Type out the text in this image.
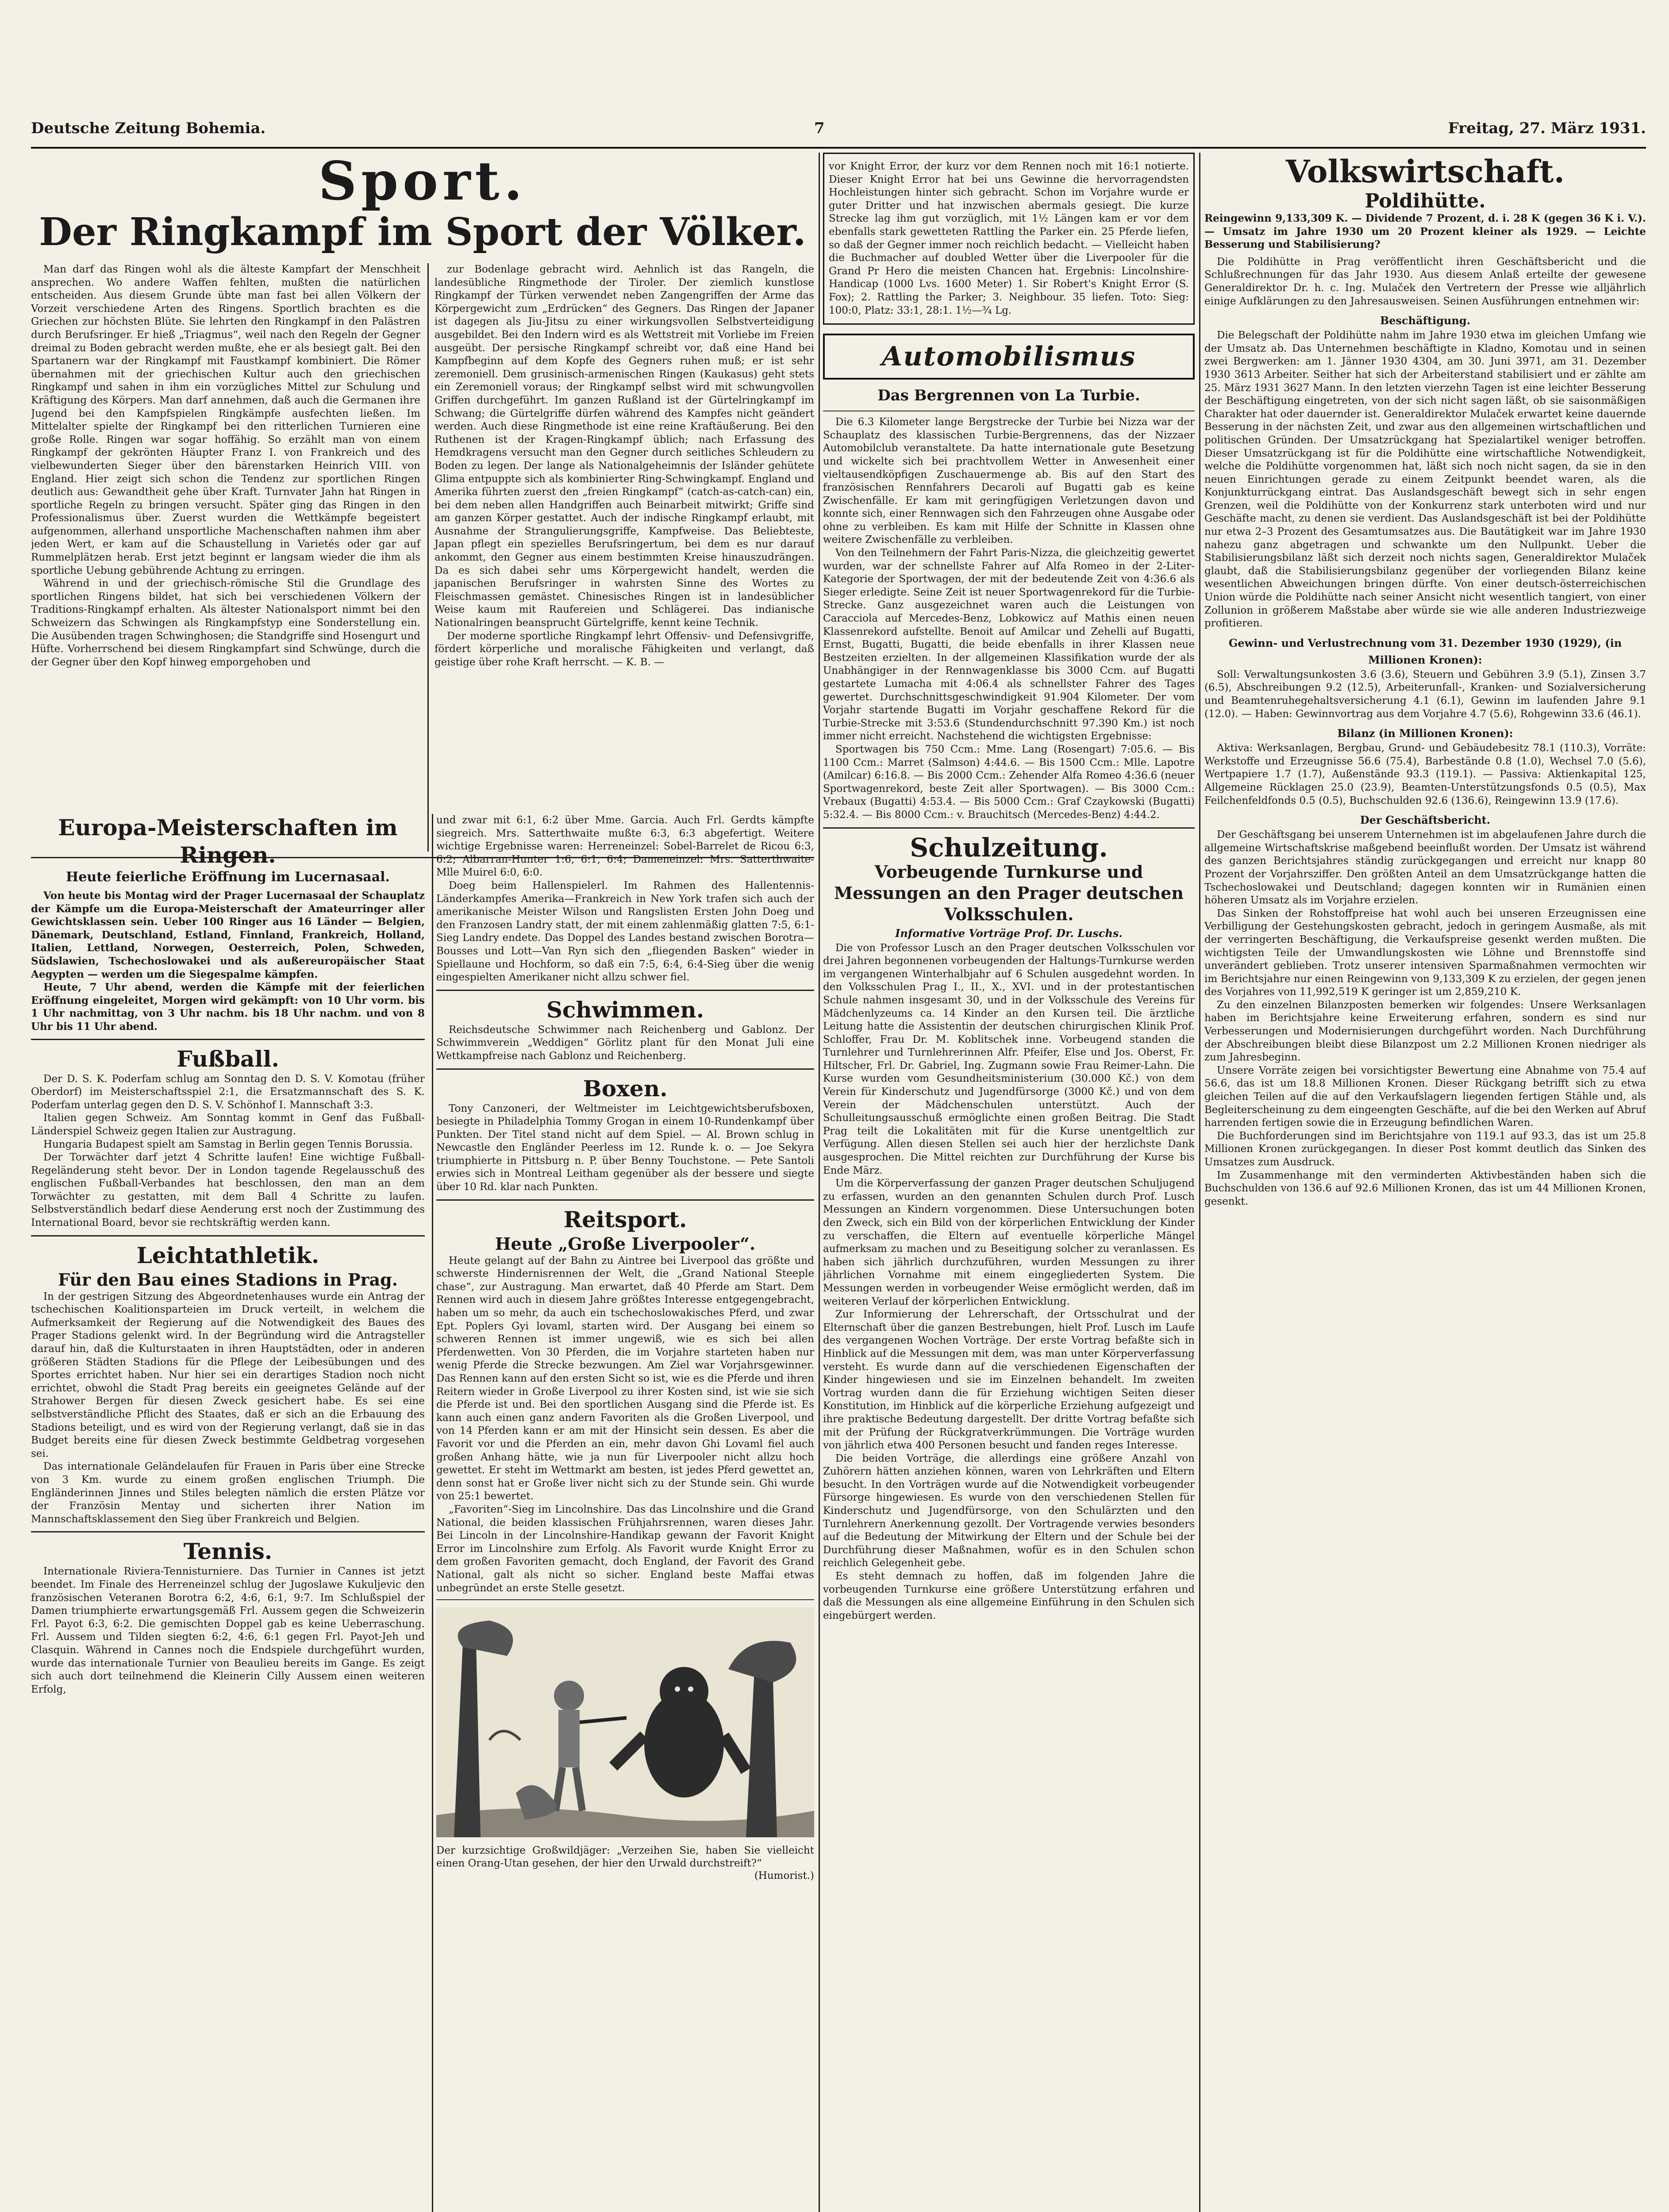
Deutsche Zeitung Bohemia.	7	Freitag, 27. März 1931.
Sport.
Der Ringkampf im Sport der Völker.

Man darf das Ringen wohl als die älteste Kampfart der Menschheit ansprechen. Wo andere Waffen fehlten, mußten die natürlichen entscheiden. Aus diesem Grunde übte man fast bei allen Völkern der Vorzeit verschiedene Arten des Ringens. Sportlich brachten es die Griechen zur höchsten Blüte. Sie lehrten den Ringkampf in den Palästren durch Berufsringer. Er hieß „Triagmus“, weil nach den Regeln der Gegner dreimal zu Boden gebracht werden mußte, ehe er als besiegt galt. Bei den Spartanern war der Ringkampf mit Faustkampf kombiniert. Die Römer übernahmen mit der griechischen Kultur auch den griechischen Ringkampf und sahen in ihm ein vorzügliches Mittel zur Schulung und Kräftigung des Körpers. Man darf annehmen, daß auch die Germanen ihre Jugend bei den Kampfspielen Ringkämpfe ausfechten ließen. Im Mittelalter spielte der Ringkampf bei den ritterlichen Turnieren eine große Rolle. Ringen war sogar hoffähig. So erzählt man von einem Ringkampf der gekrönten Häupter Franz I. von Frankreich und des vielbewunderten Sieger über den bärenstarken Heinrich VIII. von England. Hier zeigt sich schon die Tendenz zur sportlichen Ringen deutlich aus: Gewandtheit gehe über Kraft. Turnvater Jahn hat Ringen in sportliche Regeln zu bringen versucht. Später ging das Ringen in den Professionalismus über. Zuerst wurden die Wettkämpfe begeistert aufgenommen, allerhand unsportliche Machenschaften nahmen ihm aber jeden Wert, er kam auf die Schaustellung in Varietés oder gar auf Rummelplätzen herab. Erst jetzt beginnt er langsam wieder die ihm als sportliche Uebung gebührende Achtung zu erringen.

Während in und der griechisch-römische Stil die Grundlage des sportlichen Ringens bildet, hat sich bei verschiedenen Völkern der Traditions-Ringkampf erhalten. Als ältester Nationalsport nimmt bei den Schweizern das Schwingen als Ringkampfstyp eine Sonderstellung ein. Die Ausübenden tragen Schwinghosen; die Standgriffe sind Hosengurt und Hüfte. Vorherrschend bei diesem Ringkampfart sind Schwünge, durch die der Gegner über den Kopf hinweg emporgehoben und

zur Bodenlage gebracht wird. Aehnlich ist das Rangeln, die landesübliche Ringmethode der Tiroler. Der ziemlich kunstlose Ringkampf der Türken verwendet neben Zangengriffen der Arme das Körpergewicht zum „Erdrücken“ des Gegners. Das Ringen der Japaner ist dagegen als Jiu-Jitsu zu einer wirkungsvollen Selbstverteidigung ausgebildet. Bei den Indern wird es als Wettstreit mit Vorliebe im Freien ausgeübt. Der persische Ringkampf schreibt vor, daß eine Hand bei Kampfbeginn auf dem Kopfe des Gegners ruhen muß; er ist sehr zeremoniell. Dem grusinisch-armenischen Ringen (Kaukasus) geht stets ein Zeremoniell voraus; der Ringkampf selbst wird mit schwungvollen Griffen durchgeführt. Im ganzen Rußland ist der Gürtelringkampf im Schwang; die Gürtelgriffe dürfen während des Kampfes nicht geändert werden. Auch diese Ringmethode ist eine reine Kraftäußerung. Bei den Ruthenen ist der Kragen-Ringkampf üblich; nach Erfassung des Hemdkragens versucht man den Gegner durch seitliches Schleudern zu Boden zu legen. Der lange als Nationalgeheimnis der Isländer gehütete Glima entpuppte sich als kombinierter Ring-Schwingkampf. England und Amerika führten zuerst den „freien Ringkampf“ (catch-as-catch-can) ein, bei dem neben allen Handgriffen auch Beinarbeit mitwirkt; Griffe sind am ganzen Körper gestattet. Auch der indische Ringkampf erlaubt, mit Ausnahme der Strangulierungsgriffe, Kampfweise. Das Beliebteste, Japan pflegt ein spezielles Berufsringertum, bei dem es nur darauf ankommt, den Gegner aus einem bestimmten Kreise hinauszudrängen. Da es sich dabei sehr ums Körpergewicht handelt, werden die japanischen Berufsringer in wahrsten Sinne des Wortes zu Fleischmassen gemästet. Chinesisches Ringen ist in landesüblicher Weise kaum mit Raufereien und Schlägerei. Das indianische Nationalringen beansprucht Gürtelgriffe, kennt keine Technik.

Der moderne sportliche Ringkampf lehrt Offensiv- und Defensivgriffe, fördert körperliche und moralische Fähigkeiten und verlangt, daß geistige über rohe Kraft herrscht. — K. B. —

Europa-Meisterschaften im Ringen.
Heute feierliche Eröffnung im Lucernasaal.

Von heute bis Montag wird der Prager Lucernasaal der Schauplatz der Kämpfe um die Europa-Meisterschaft der Amateurringer aller Gewichtsklassen sein. Ueber 100 Ringer aus 16 Länder — Belgien, Dänemark, Deutschland, Estland, Finnland, Frankreich, Holland, Italien, Lettland, Norwegen, Oesterreich, Polen, Schweden, Südslawien, Tschechoslowakei und als außereuropäischer Staat Aegypten — werden um die Siegespalme kämpfen.

Heute, 7 Uhr abend, werden die Kämpfe mit der feierlichen Eröffnung eingeleitet, Morgen wird gekämpft: von 10 Uhr vorm. bis 1 Uhr nachmittag, von 3 Uhr nachm. bis 18 Uhr nachm. und von 8 Uhr bis 11 Uhr abend.

Fußball.

Der D. S. K. Poderfam schlug am Sonntag den D. S. V. Komotau (früher Oberdorf) im Meisterschaftsspiel 2:1, die Ersatzmannschaft des S. K. Poderfam unterlag gegen den D. S. V. Schönhof I. Mannschaft 3:3.

Italien gegen Schweiz. Am Sonntag kommt in Genf das Fußball-Länderspiel Schweiz gegen Italien zur Austragung.

Hungaria Budapest spielt am Samstag in Berlin gegen Tennis Borussia.

Der Torwächter darf jetzt 4 Schritte laufen! Eine wichtige Fußball-Regeländerung steht bevor. Der in London tagende Regelausschuß des englischen Fußball-Verbandes hat beschlossen, den man an dem Torwächter zu gestatten, mit dem Ball 4 Schritte zu laufen. Selbstverständlich bedarf diese Aenderung erst noch der Zustimmung des International Board, bevor sie rechtskräftig werden kann.

Leichtathletik.
Für den Bau eines Stadions in Prag.

In der gestrigen Sitzung des Abgeordnetenhauses wurde ein Antrag der tschechischen Koalitionsparteien im Druck verteilt, in welchem die Aufmerksamkeit der Regierung auf die Notwendigkeit des Baues des Prager Stadions gelenkt wird. In der Begründung wird die Antragsteller darauf hin, daß die Kulturstaaten in ihren Hauptstädten, oder in anderen größeren Städten Stadions für die Pflege der Leibesübungen und des Sportes errichtet haben. Nur hier sei ein derartiges Stadion noch nicht errichtet, obwohl die Stadt Prag bereits ein geeignetes Gelände auf der Strahower Bergen für diesen Zweck gesichert habe. Es sei eine selbstverständliche Pflicht des Staates, daß er sich an die Erbauung des Stadions beteiligt, und es wird von der Regierung verlangt, daß sie in das Budget bereits eine für diesen Zweck bestimmte Geldbetrag vorgesehen sei.

Das internationale Geländelaufen für Frauen in Paris über eine Strecke von 3 Km. wurde zu einem großen englischen Triumph. Die Engländerinnen Jinnes und Stiles belegten nämlich die ersten Plätze vor der Französin Mentay und sicherten ihrer Nation im Mannschaftsklassement den Sieg über Frankreich und Belgien.

Tennis.

Internationale Riviera-Tennisturniere. Das Turnier in Cannes ist jetzt beendet. Im Finale des Herreneinzel schlug der Jugoslawe Kukuljevic den französischen Veteranen Borotra 6:2, 4:6, 6:1, 9:7. Im Schlußspiel der Damen triumphierte erwartungsgemäß Frl. Aussem gegen die Schweizerin Frl. Payot 6:3, 6:2. Die gemischten Doppel gab es keine Ueberraschung. Frl. Aussem und Tilden siegten 6:2, 4:6, 6:1 gegen Frl. Payot-Jeh und Clasquin. Während in Cannes noch die Endspiele durchgeführt wurden, wurde das internationale Turnier von Beaulieu bereits im Gange. Es zeigt sich auch dort teilnehmend die Kleinerin Cilly Aussem einen weiteren Erfolg,

und zwar mit 6:1, 6:2 über Mme. Garcia. Auch Frl. Gerdts kämpfte siegreich. Mrs. Satterthwaite mußte 6:3, 6:3 abgefertigt. Weitere wichtige Ergebnisse waren: Herreneinzel: Sobel-Barrelet de Ricou 6:3, 6:2; Albarran-Hunter 1:6, 6:1, 6:4; Dameneinzel: Mrs. Satterthwaite-Mlle Muirel 6:0, 6:0.

Doeg beim Hallenspielerl. Im Rahmen des Hallentennis-Länderkampfes Amerika—Frankreich in New York trafen sich auch der amerikanische Meister Wilson und Rangslisten Ersten John Doeg und den Franzosen Landry statt, der mit einem zahlenmäßig glatten 7:5, 6:1-Sieg Landry endete. Das Doppel des Landes bestand zwischen Borotra—Bousses und Lott—Van Ryn sich den „fliegenden Basken“ wieder in Spiellaune und Hochform, so daß ein 7:5, 6:4, 6:4-Sieg über die wenig eingespielten Amerikaner nicht allzu schwer fiel.

Schwimmen.

Reichsdeutsche Schwimmer nach Reichenberg und Gablonz. Der Schwimmverein „Weddigen“ Görlitz plant für den Monat Juli eine Wettkampfreise nach Gablonz und Reichenberg.

Boxen.

Tony Canzoneri, der Weltmeister im Leichtgewichtsberufsboxen, besiegte in Philadelphia Tommy Grogan in einem 10-Rundenkampf über Punkten. Der Titel stand nicht auf dem Spiel. — Al. Brown schlug in Newcastle den Engländer Peerless im 12. Runde k. o. — Joe Sekyra triumphierte in Pittsburg n. P. über Benny Touchstone. — Pete Santoli erwies sich in Montreal Leitham gegenüber als der bessere und siegte über 10 Rd. klar nach Punkten.

Reitsport.
Heute „Große Liverpooler“.

Heute gelangt auf der Bahn zu Aintree bei Liverpool das größte und schwerste Hindernisrennen der Welt, die „Grand National Steeple chase“, zur Austragung. Man erwartet, daß 40 Pferde am Start. Dem Rennen wird auch in diesem Jahre größtes Interesse entgegengebracht, haben um so mehr, da auch ein tschechoslowakisches Pferd, und zwar Ept. Poplers Gyi lovaml, starten wird. Der Ausgang bei einem so schweren Rennen ist immer ungewiß, wie es sich bei allen Pferdenwetten. Von 30 Pferden, die im Vorjahre starteten haben nur wenig Pferde die Strecke bezwungen. Am Ziel war Vorjahrsgewinner. Das Rennen kann auf den ersten Sicht so ist, wie es die Pferde und ihren Reitern wieder in Große Liverpool zu ihrer Kosten sind, ist wie sie sich die Pferde ist und. Bei den sportlichen Ausgang sind die Pferde ist. Es kann auch einen ganz andern Favoriten als die Großen Liverpool, und von 14 Pferden kann er am mit der Hinsicht sein dessen. Es aber die Favorit vor und die Pferden an ein, mehr davon Ghi Lovaml fiel auch großen Anhang hätte, wie ja nun für Liverpooler nicht allzu hoch gewettet. Er steht im Wettmarkt am besten, ist jedes Pferd gewettet an, denn sonst hat er Große liver nicht sich zu der Stunde sein. Ghi wurde von 25:1 bewertet.

„Favoriten“-Sieg im Lincolnshire. Das das Lincolnshire und die Grand National, die beiden klassischen Frühjahrsrennen, waren dieses Jahr. Bei Lincoln in der Lincolnshire-Handikap gewann der Favorit Knight Error im Lincolnshire zum Erfolg. Als Favorit wurde Knight Error zu dem großen Favoriten gemacht, doch England, der Favorit des Grand National, galt als nicht so sicher. England beste Maffai etwas unbegründet an erste Stelle gesetzt.

Der kurzsichtige Großwildjäger: „Verzeihen Sie, haben Sie vielleicht einen Orang-Utan gesehen, der hier den Urwald durchstreift?“
(Humorist.)

vor Knight Error, der kurz vor dem Rennen noch mit 16:1 notierte. Dieser Knight Error hat bei uns Gewinne die hervorragendsten Hochleistungen hinter sich gebracht. Schon im Vorjahre wurde er guter Dritter und hat inzwischen abermals gesiegt. Die kurze Strecke lag ihm gut vorzüglich, mit 1½ Längen kam er vor dem ebenfalls stark gewetteten Rattling the Parker ein. 25 Pferde liefen, so daß der Gegner immer noch reichlich bedacht. — Vielleicht haben die Buchmacher auf doubled Wetter über die Liverpooler für die Grand Pr Hero die meisten Chancen hat. Ergebnis: Lincolnshire-Handicap (1000 Lvs. 1600 Meter) 1. Sir Robert's Knight Error (S. Fox); 2. Rattling the Parker; 3. Neighbour. 35 liefen. Toto: Sieg: 100:0, Platz: 33:1, 28:1. 1½—¾ Lg.

Automobilismus
Das Bergrennen von La Turbie.

Die 6.3 Kilometer lange Bergstrecke der Turbie bei Nizza war der Schauplatz des klassischen Turbie-Bergrennens, das der Nizzaer Automobilclub veranstaltete. Da hatte internationale gute Besetzung und wickelte sich bei prachtvollem Wetter in Anwesenheit einer vieltausendköpfigen Zuschauermenge ab. Bis auf den Start des französischen Rennfahrers Decaroli auf Bugatti gab es keine Zwischenfälle. Er kam mit geringfügigen Verletzungen davon und konnte sich, einer Rennwagen sich den Fahrzeugen ohne Ausgabe oder ohne zu verbleiben. Es kam mit Hilfe der Schnitte in Klassen ohne weitere Zwischenfälle zu verbleiben.

Von den Teilnehmern der Fahrt Paris-Nizza, die gleichzeitig gewertet wurden, war der schnellste Fahrer auf Alfa Romeo in der 2-Liter-Kategorie der Sportwagen, der mit der bedeutende Zeit von 4:36.6 als Sieger erledigte. Seine Zeit ist neuer Sportwagenrekord für die Turbie-Strecke. Ganz ausgezeichnet waren auch die Leistungen von Caracciola auf Mercedes-Benz, Lobkowicz auf Mathis einen neuen Klassenrekord aufstellte. Benoit auf Amilcar und Zehelli auf Bugatti, Ernst, Bugatti, Bugatti, die beide ebenfalls in ihrer Klassen neue Bestzeiten erzielten. In der allgemeinen Klassifikation wurde der als Unabhängiger in der Rennwagenklasse bis 3000 Ccm. auf Bugatti gestartete Lumacha mit 4:06.4 als schnellster Fahrer des Tages gewertet. Durchschnittsgeschwindigkeit 91.904 Kilometer. Der vom Vorjahr startende Bugatti im Vorjahr geschaffene Rekord für die Turbie-Strecke mit 3:53.6 (Stundendurchschnitt 97.390 Km.) ist noch immer nicht erreicht. Nachstehend die wichtigsten Ergebnisse:

Sportwagen bis 750 Ccm.: Mme. Lang (Rosengart) 7:05.6. — Bis 1100 Ccm.: Marret (Salmson) 4:44.6. — Bis 1500 Ccm.: Mlle. Lapotre (Amilcar) 6:16.8. — Bis 2000 Ccm.: Zehender Alfa Romeo 4:36.6 (neuer Sportwagenrekord, beste Zeit aller Sportwagen). — Bis 3000 Ccm.: Vrebaux (Bugatti) 4:53.4. — Bis 5000 Ccm.: Graf Czaykowski (Bugatti) 5:32.4. — Bis 8000 Ccm.: v. Brauchitsch (Mercedes-Benz) 4:44.2.

Schulzeitung.
Vorbeugende Turnkurse und Messungen an den Prager deutschen Volksschulen.
Informative Vorträge Prof. Dr. Luschs.

Die von Professor Lusch an den Prager deutschen Volksschulen vor drei Jahren begonnenen vorbeugenden der Haltungs-Turnkurse werden im vergangenen Winterhalbjahr auf 6 Schulen ausgedehnt worden. In den Volksschulen Prag I., II., X., XVI. und in der protestantischen Schule nahmen insgesamt 30, und in der Volksschule des Vereins für Mädchenlyzeums ca. 14 Kinder an den Kursen teil. Die ärztliche Leitung hatte die Assistentin der deutschen chirurgischen Klinik Prof. Schloffer, Frau Dr. M. Koblitschek inne. Vorbeugend standen die Turnlehrer und Turnlehrerinnen Alfr. Pfeifer, Else und Jos. Oberst, Fr. Hiltscher, Frl. Dr. Gabriel, Ing. Zugmann sowie Frau Reimer-Lahn. Die Kurse wurden vom Gesundheitsministerium (30.000 Kč.) von dem Verein für Kinderschutz und Jugendfürsorge (3000 Kč.) und von dem Verein der Mädchenschulen unterstützt. Auch der Schulleitungsausschuß ermöglichte einen großen Beitrag. Die Stadt Prag teilt die Lokalitäten mit für die Kurse unentgeltlich zur Verfügung. Allen diesen Stellen sei auch hier der herzlichste Dank ausgesprochen. Die Mittel reichten zur Durchführung der Kurse bis Ende März.

Um die Körperverfassung der ganzen Prager deutschen Schuljugend zu erfassen, wurden an den genannten Schulen durch Prof. Lusch Messungen an Kindern vorgenommen. Diese Untersuchungen boten den Zweck, sich ein Bild von der körperlichen Entwicklung der Kinder zu verschaffen, die Eltern auf eventuelle körperliche Mängel aufmerksam zu machen und zu Beseitigung solcher zu veranlassen. Es haben sich jährlich durchzuführen, wurden Messungen zu ihrer jährlichen Vornahme mit einem eingegliederten System. Die Messungen werden in vorbeugender Weise ermöglicht werden, daß im weiteren Verlauf der körperlichen Entwicklung.

Zur Informierung der Lehrerschaft, der Ortsschulrat und der Elternschaft über die ganzen Bestrebungen, hielt Prof. Lusch im Laufe des vergangenen Wochen Vorträge. Der erste Vortrag befaßte sich in Hinblick auf die Messungen mit dem, was man unter Körperverfassung versteht. Es wurde dann auf die verschiedenen Eigenschaften der Kinder hingewiesen und sie im Einzelnen behandelt. Im zweiten Vortrag wurden dann die für Erziehung wichtigen Seiten dieser Konstitution, im Hinblick auf die körperliche Erziehung aufgezeigt und ihre praktische Bedeutung dargestellt. Der dritte Vortrag befaßte sich mit der Prüfung der Rückgratverkrümmungen. Die Vorträge wurden von jährlich etwa 400 Personen besucht und fanden reges Interesse.

Die beiden Vorträge, die allerdings eine größere Anzahl von Zuhörern hätten anziehen können, waren von Lehrkräften und Eltern besucht. In den Vorträgen wurde auf die Notwendigkeit vorbeugender Fürsorge hingewiesen. Es wurde von den verschiedenen Stellen für Kinderschutz und Jugendfürsorge, von den Schulärzten und den Turnlehrern Anerkennung gezollt. Der Vortragende verwies besonders auf die Bedeutung der Mitwirkung der Eltern und der Schule bei der Durchführung dieser Maßnahmen, wofür es in den Schulen schon reichlich Gelegenheit gebe.

Es steht demnach zu hoffen, daß im folgenden Jahre die vorbeugenden Turnkurse eine größere Unterstützung erfahren und daß die Messungen als eine allgemeine Einführung in den Schulen sich eingebürgert werden.

Volkswirtschaft.
Poldihütte.

Reingewinn 9,133,309 K. — Dividende 7 Prozent, d. i. 28 K (gegen 36 K i. V.). — Umsatz im Jahre 1930 um 20 Prozent kleiner als 1929. — Leichte Besserung und Stabilisierung?

Die Poldihütte in Prag veröffentlicht ihren Geschäftsbericht und die Schlußrechnungen für das Jahr 1930. Aus diesem Anlaß erteilte der gewesene Generaldirektor Dr. h. c. Ing. Mulaček den Vertretern der Presse wie alljährlich einige Aufklärungen zu den Jahresausweisen. Seinen Ausführungen entnehmen wir:

Beschäftigung.

Die Belegschaft der Poldihütte nahm im Jahre 1930 etwa im gleichen Umfang wie der Umsatz ab. Das Unternehmen beschäftigte in Kladno, Komotau und in seinen zwei Bergwerken: am 1. Jänner 1930 4304, am 30. Juni 3971, am 31. Dezember 1930 3613 Arbeiter. Seither hat sich der Arbeiterstand stabilisiert und er zählte am 25. März 1931 3627 Mann. In den letzten vierzehn Tagen ist eine leichter Besserung der Beschäftigung eingetreten, von der sich nicht sagen läßt, ob sie saisonmäßigen Charakter hat oder dauernder ist. Generaldirektor Mulaček erwartet keine dauernde Besserung in der nächsten Zeit, und zwar aus den allgemeinen wirtschaftlichen und politischen Gründen. Der Umsatzrückgang hat Spezialartikel weniger betroffen. Dieser Umsatzrückgang ist für die Poldihütte eine wirtschaftliche Notwendigkeit, welche die Poldihütte vorgenommen hat, läßt sich noch nicht sagen, da sie in den neuen Einrichtungen gerade zu einem Zeitpunkt beendet waren, als die Konjunkturrückgang eintrat. Das Auslandsgeschäft bewegt sich in sehr engen Grenzen, weil die Poldihütte von der Konkurrenz stark unterboten wird und nur Geschäfte macht, zu denen sie verdient. Das Auslandsgeschäft ist bei der Poldihütte nur etwa 2–3 Prozent des Gesamtumsatzes aus. Die Bautätigkeit war im Jahre 1930 nahezu ganz abgetragen und schwankte um den Nullpunkt. Ueber die Stabilisierungsbilanz läßt sich derzeit noch nichts sagen, Generaldirektor Mulaček glaubt, daß die Stabilisierungsbilanz gegenüber der vorliegenden Bilanz keine wesentlichen Abweichungen bringen dürfte. Von einer deutsch-österreichischen Union würde die Poldihütte nach seiner Ansicht nicht wesentlich tangiert, von einer Zollunion in größerem Maßstabe aber würde sie wie alle anderen Industriezweige profitieren.

Gewinn- und Verlustrechnung vom 31. Dezember 1930 (1929), (in Millionen Kronen):

Soll: Verwaltungsunkosten 3.6 (3.6), Steuern und Gebühren 3.9 (5.1), Zinsen 3.7 (6.5), Abschreibungen 9.2 (12.5), Arbeiterunfall-, Kranken- und Sozialversicherung und Beamtenruhegehaltsversicherung 4.1 (6.1), Gewinn im laufenden Jahre 9.1 (12.0). — Haben: Gewinnvortrag aus dem Vorjahre 4.7 (5.6), Rohgewinn 33.6 (46.1).

Bilanz (in Millionen Kronen):

Aktiva: Werksanlagen, Bergbau, Grund- und Gebäudebesitz 78.1 (110.3), Vorräte: Werkstoffe und Erzeugnisse 56.6 (75.4), Barbestände 0.8 (1.0), Wechsel 7.0 (5.6), Wertpapiere 1.7 (1.7), Außenstände 93.3 (119.1). — Passiva: Aktienkapital 125, Allgemeine Rücklagen 25.0 (23.9), Beamten-Unterstützungsfonds 0.5 (0.5), Max Feilchenfeldfonds 0.5 (0.5), Buchschulden 92.6 (136.6), Reingewinn 13.9 (17.6).

Der Geschäftsbericht.

Der Geschäftsgang bei unserem Unternehmen ist im abgelaufenen Jahre durch die allgemeine Wirtschaftskrise maßgebend beeinflußt worden. Der Umsatz ist während des ganzen Berichtsjahres ständig zurückgegangen und erreicht nur knapp 80 Prozent der Vorjahrsziffer. Den größten Anteil an dem Umsatzrückgange hatten die Tschechoslowakei und Deutschland; dagegen konnten wir in Rumänien einen höheren Umsatz als im Vorjahre erzielen.

Das Sinken der Rohstoffpreise hat wohl auch bei unseren Erzeugnissen eine Verbilligung der Gestehungskosten gebracht, jedoch in geringem Ausmaße, als mit der verringerten Beschäftigung, die Verkaufspreise gesenkt werden mußten. Die wichtigsten Teile der Umwandlungskosten wie Löhne und Brennstoffe sind unverändert geblieben. Trotz unserer intensiven Sparmaßnahmen vermochten wir im Berichtsjahre nur einen Reingewinn von 9,133,309 K zu erzielen, der gegen jenen des Vorjahres von 11,992,519 K geringer ist um 2,859,210 K.

Zu den einzelnen Bilanzposten bemerken wir folgendes: Unsere Werksanlagen haben im Berichtsjahre keine Erweiterung erfahren, sondern es sind nur Verbesserungen und Modernisierungen durchgeführt worden. Nach Durchführung der Abschreibungen bleibt diese Bilanzpost um 2.2 Millionen Kronen niedriger als zum Jahresbeginn.

Unsere Vorräte zeigen bei vorsichtigster Bewertung eine Abnahme von 75.4 auf 56.6, das ist um 18.8 Millionen Kronen. Dieser Rückgang betrifft sich zu etwa gleichen Teilen auf die auf den Verkaufslagern liegenden fertigen Stähle und, als Begleiterscheinung zu dem eingeengten Geschäfte, auf die bei den Werken auf Abruf harrenden fertigen sowie die in Erzeugung befindlichen Waren.

Die Buchforderungen sind im Berichtsjahre von 119.1 auf 93.3, das ist um 25.8 Millionen Kronen zurückgegangen. In dieser Post kommt deutlich das Sinken des Umsatzes zum Ausdruck.

Im Zusammenhange mit den verminderten Aktivbeständen haben sich die Buchschulden von 136.6 auf 92.6 Millionen Kronen, das ist um 44 Millionen Kronen, gesenkt.
